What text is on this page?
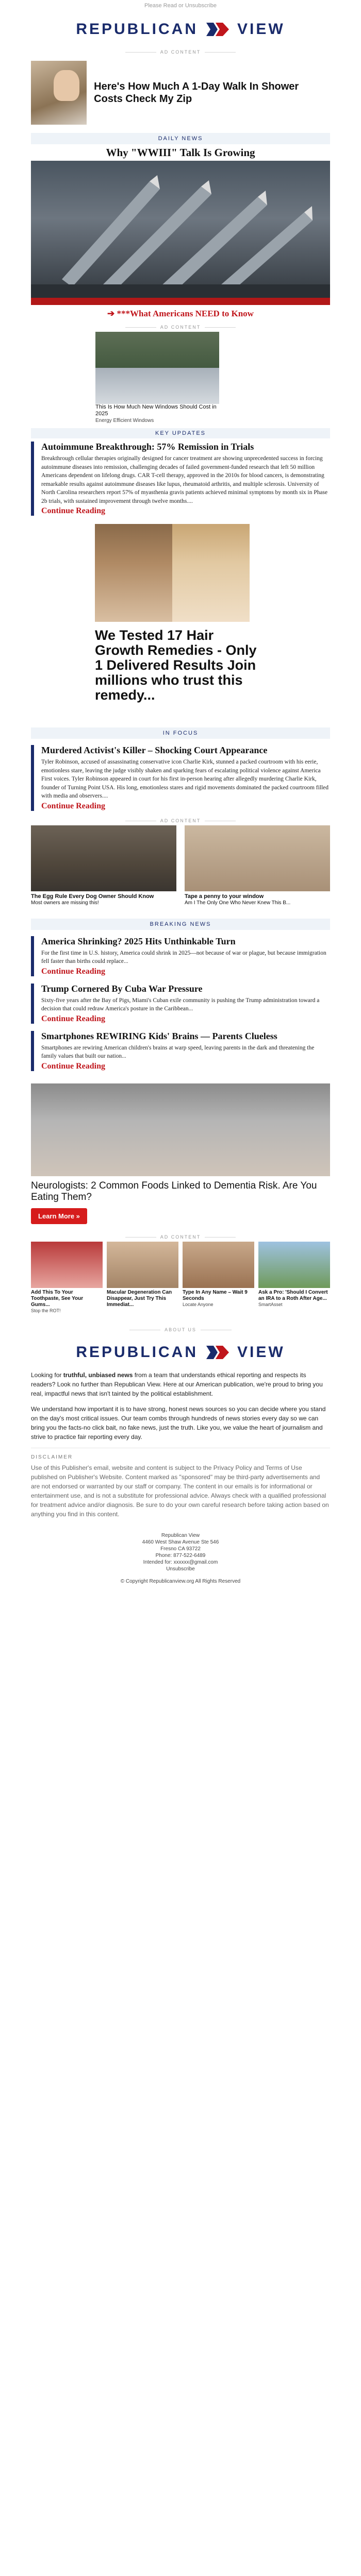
Please Read or Unsubscribe
REPUBLICAN	VIEW
AD CONTENT
Here's How Much A 1-Day Walk In Shower Costs Check My Zip
DAILY NEWS
Why "WWIII" Talk Is Growing
➔ ***What Americans NEED to Know
AD CONTENT
This Is How Much New Windows Should Cost in 2025
Energy Efficient Windows
KEY UPDATES
Autoimmune Breakthrough: 57% Remission in Trials

Breakthrough cellular therapies originally designed for cancer treatment are showing unprecedented success in forcing autoimmune diseases into remission, challenging decades of failed government-funded research that left 50 million Americans dependent on lifelong drugs. CAR T-cell therapy, approved in the 2010s for blood cancers, is demonstrating remarkable results against autoimmune diseases like lupus, rheumatoid arthritis, and multiple sclerosis. University of North Carolina researchers report 57% of myasthenia gravis patients achieved minimal symptoms by month six in Phase 2b trials, with sustained improvement through twelve months....

Continue Reading
We Tested 17 Hair Growth Remedies - Only 1 Delivered Results Join millions who trust this remedy...
IN FOCUS
Murdered Activist's Killer – Shocking Court Appearance

Tyler Robinson, accused of assassinating conservative icon Charlie Kirk, stunned a packed courtroom with his eerie, emotionless stare, leaving the judge visibly shaken and sparking fears of escalating political violence against America First voices. Tyler Robinson appeared in court for his first in-person hearing after allegedly murdering Charlie Kirk, founder of Turning Point USA. His long, emotionless stares and rigid movements dominated the packed courtroom filled with media and observers....

Continue Reading
AD CONTENT
The Egg Rule Every Dog Owner Should Know
Most owners are missing this!
Tape a penny to your window
Am I The Only One Who Never Knew This B...
BREAKING NEWS
America Shrinking? 2025 Hits Unthinkable Turn

For the first time in U.S. history, America could shrink in 2025—not because of war or plague, but because immigration fell faster than births could replace...

Continue Reading
Trump Cornered By Cuba War Pressure

Sixty-five years after the Bay of Pigs, Miami's Cuban exile community is pushing the Trump administration toward a decision that could redraw America's posture in the Caribbean...

Continue Reading
Smartphones REWIRING Kids' Brains — Parents Clueless

Smartphones are rewiring American children's brains at warp speed, leaving parents in the dark and threatening the family values that built our nation...

Continue Reading
Neurologists: 2 Common Foods Linked to Dementia Risk. Are You Eating Them?
Learn More »
AD CONTENT
Add This To Your Toothpaste, See Your Gums...
Stop the ROT!
Macular Degeneration Can Disappear, Just Try This Immediat...
Type In Any Name – Wait 9 Seconds
Locate Anyone
Ask a Pro: 'Should I Convert an IRA to a Roth After Age...
SmartAsset
ABOUT US
REPUBLICAN	VIEW

Looking for truthful, unbiased news from a team that understands ethical reporting and respects its readers? Look no further than Republican View. Here at our American publication, we're proud to bring you real, impactful news that isn't tainted by the political establishment.

We understand how important it is to have strong, honest news sources so you can decide where you stand on the day's most critical issues. Our team combs through hundreds of news stories every day so we can bring you the facts-no click bait, no fake news, just the truth. Like you, we value the heart of journalism and strive to practice fair reporting every day.

DISCLAIMER

Use of this Publisher's email, website and content is subject to the Privacy Policy and Terms of Use published on Publisher's Website. Content marked as "sponsored" may be third-party advertisements and are not endorsed or warranted by our staff or company. The content in our emails is for informational or entertainment use, and is not a substitute for professional advice. Always check with a qualified professional for treatment advice and/or diagnosis. Be sure to do your own careful research before taking action based on anything you find in this content.

Republican View
4460 West Shaw Avenue Ste 546
Fresno CA 93722
Phone: 877-522-6489
Intended for: xxxxxx@gmail.com
Unsubscribe
© Copyright Republicanview.org All Rights Reserved
